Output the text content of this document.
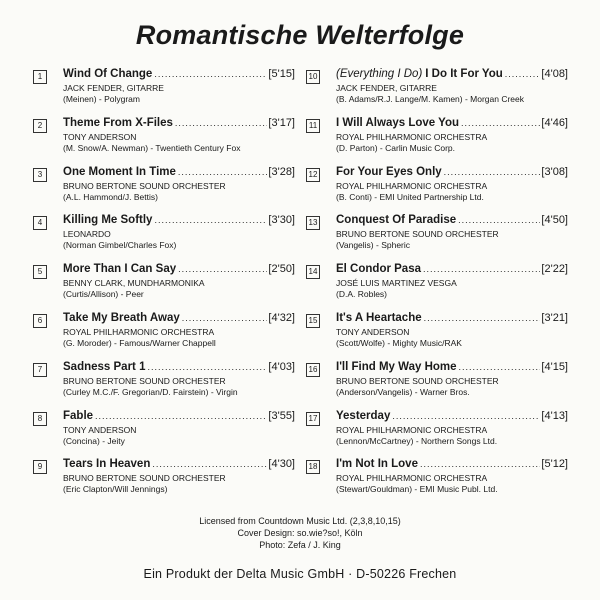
Romantische Welterfolge
1	Wind Of Change .....	[5'15]
JACK FENDER, GITARRE
(Meinen) - Polygram
2	Theme From X-Files .....	[3'17]
TONY ANDERSON
(M. Snow/A. Newman) - Twentieth Century Fox
3	One Moment In Time .....	[3'28]
BRUNO BERTONE SOUND ORCHESTER
(A.L. Hammond/J. Bettis)
4	Killing Me Softly .....	[3'30]
LEONARDO
(Norman Gimbel/Charles Fox)
5	More Than I Can Say .....	[2'50]
BENNY CLARK, MUNDHARMONIKA
(Curtis/Allison) - Peer
6	Take My Breath Away .....	[4'32]
ROYAL PHILHARMONIC ORCHESTRA
(G. Moroder) - Famous/Warner Chappell
7	Sadness Part 1 .....	[4'03]
BRUNO BERTONE SOUND ORCHESTER
(Curley M.C./F. Gregorian/D. Fairstein) - Virgin
8	Fable .....	[3'55]
TONY ANDERSON
(Concina) - Jeity
9	Tears In Heaven .....	[4'30]
BRUNO BERTONE SOUND ORCHESTER
(Eric Clapton/Will Jennings)
10 (Everything I Do) I Do It For You .....	[4'08]
JACK FENDER, GITARRE
(B. Adams/R.J. Lange/M. Kamen) - Morgan Creek
11 I Will Always Love You .....	[4'46]
ROYAL PHILHARMONIC ORCHESTRA
(D. Parton) - Carlin Music Corp.
12 For Your Eyes Only .....	[3'08]
ROYAL PHILHARMONIC ORCHESTRA
(B. Conti) - EMI United Partnership Ltd.
13 Conquest Of Paradise .....	[4'50]
BRUNO BERTONE SOUND ORCHESTER
(Vangelis) - Spheric
14 El Condor Pasa .....	[2'22]
JOSÉ LUIS MARTINEZ VESGA
(D.A. Robles)
15 It's A Heartache .....	[3'21]
TONY ANDERSON
(Scott/Wolfe) - Mighty Music/RAK
16 I'll Find My Way Home .....	[4'15]
BRUNO BERTONE SOUND ORCHESTER
(Anderson/Vangelis) - Warner Bros.
17 Yesterday .....	[4'13]
ROYAL PHILHARMONIC ORCHESTRA
(Lennon/McCartney) - Northern Songs Ltd.
18 I'm Not In Love .....	[5'12]
ROYAL PHILHARMONIC ORCHESTRA
(Stewart/Gouldman) - EMI Music Publ. Ltd.
Licensed from Countdown Music Ltd. (2,3,8,10,15)
Cover Design: so.wie?so!, Köln
Photo: Zefa / J. King
Ein Produkt der Delta Music GmbH · D-50226 Frechen
